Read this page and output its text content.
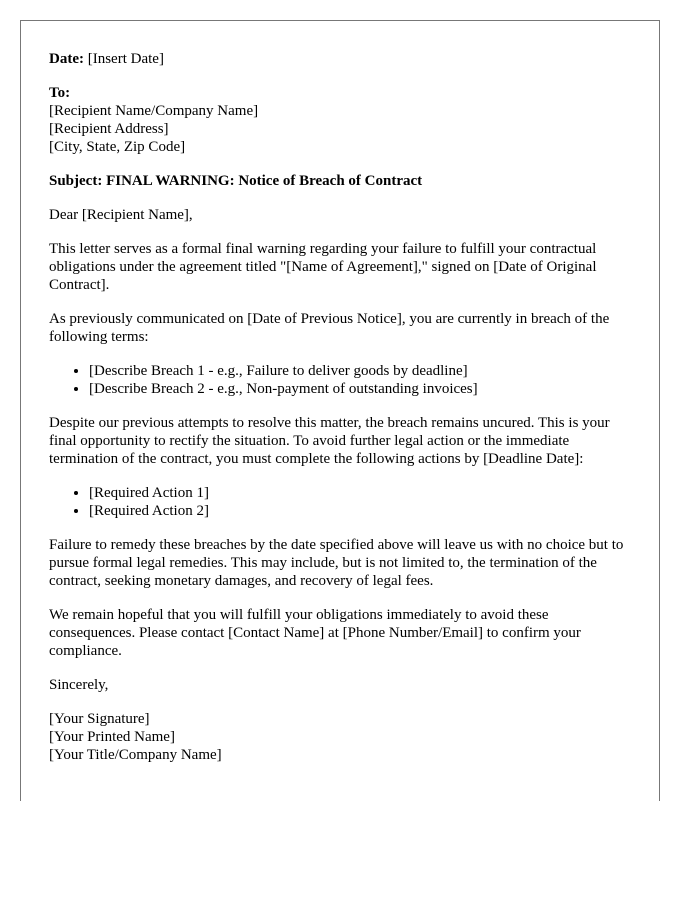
Date: [Insert Date]
To:
[Recipient Name/Company Name]
[Recipient Address]
[City, State, Zip Code]
Subject: FINAL WARNING: Notice of Breach of Contract
Dear [Recipient Name],
This letter serves as a formal final warning regarding your failure to fulfill your contractual obligations under the agreement titled "[Name of Agreement]," signed on [Date of Original Contract].
As previously communicated on [Date of Previous Notice], you are currently in breach of the following terms:
• [Describe Breach 1 - e.g., Failure to deliver goods by deadline]
• [Describe Breach 2 - e.g., Non-payment of outstanding invoices]
Despite our previous attempts to resolve this matter, the breach remains uncured. This is your final opportunity to rectify the situation. To avoid further legal action or the immediate termination of the contract, you must complete the following actions by [Deadline Date]:
• [Required Action 1]
• [Required Action 2]
Failure to remedy these breaches by the date specified above will leave us with no choice but to pursue formal legal remedies. This may include, but is not limited to, the termination of the contract, seeking monetary damages, and recovery of legal fees.
We remain hopeful that you will fulfill your obligations immediately to avoid these consequences. Please contact [Contact Name] at [Phone Number/Email] to confirm your compliance.
Sincerely,
[Your Signature]
[Your Printed Name]
[Your Title/Company Name]
